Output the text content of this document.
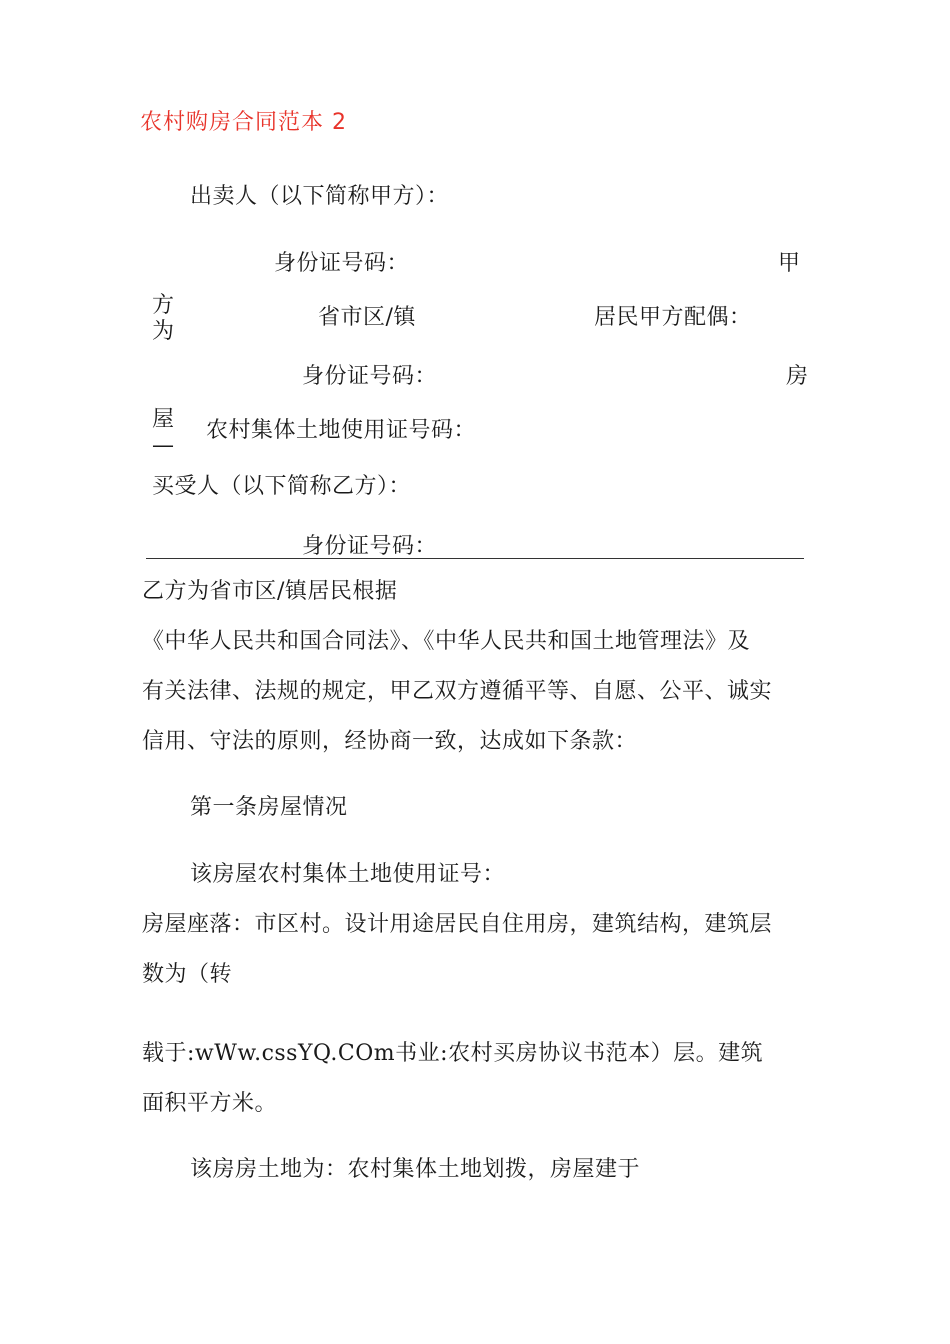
农村购房合同范本 2
出卖人（以下简称甲方）：
身份证号码：	甲
方
为
省市区/镇	居民甲方配偶：
身份证号码：	房
屋
—
农村集体土地使用证号码：
买受人（以下简称乙方）：
身份证号码：
乙方为省市区/镇居民根据
《中华人民共和国合同法》、《中华人民共和国土地管理法》及
有关法律、法规的规定，甲乙双方遵循平等、自愿、公平、诚实
信用、守法的原则，经协商一致，达成如下条款：
第一条房屋情况
该房屋农村集体土地使用证号：
房屋座落：市区村。设计用途居民自住用房，建筑结构，建筑层
数为（转
载于:wWw.cssYQ.COm书业:农村买房协议书范本）层。建筑
面积平方米。
该房房土地为：农村集体土地划拨，房屋建于
